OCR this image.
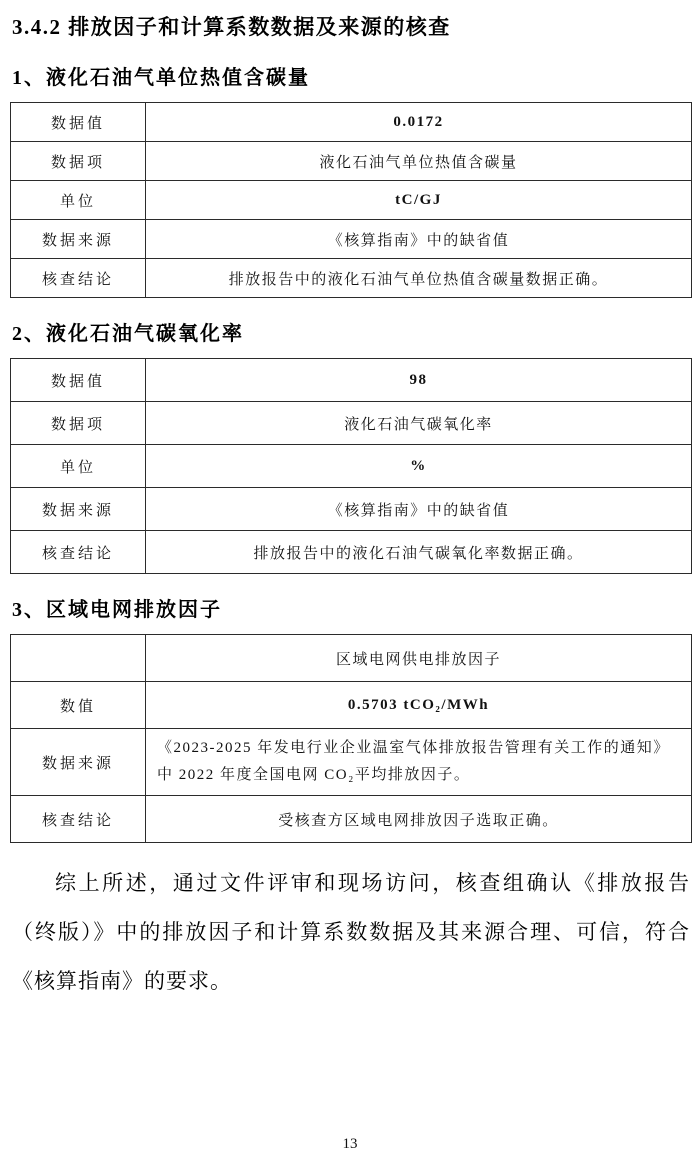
3.4.2 排放因子和计算系数数据及来源的核查
1、液化石油气单位热值含碳量
数据值	0.0172
数据项	液化石油气单位热值含碳量
单位	tC/GJ
数据来源	《核算指南》中的缺省值
核查结论	排放报告中的液化石油气单位热值含碳量数据正确。
2、液化石油气碳氧化率
数据值	98
数据项	液化石油气碳氧化率
单位	%
数据来源	《核算指南》中的缺省值
核查结论	排放报告中的液化石油气碳氧化率数据正确。
3、区域电网排放因子
	区域电网供电排放因子
数值	0.5703 tCO₂/MWh
数据来源	《2023-2025 年发电行业企业温室气体排放报告管理有关工作的通知》中 2022 年度全国电网 CO₂平均排放因子。
核查结论	受核查方区域电网排放因子选取正确。

综上所述，通过文件评审和现场访问，核查组确认《排放报告（终版）》中的排放因子和计算系数数据及其来源合理、可信，符合《核算指南》的要求。

13
